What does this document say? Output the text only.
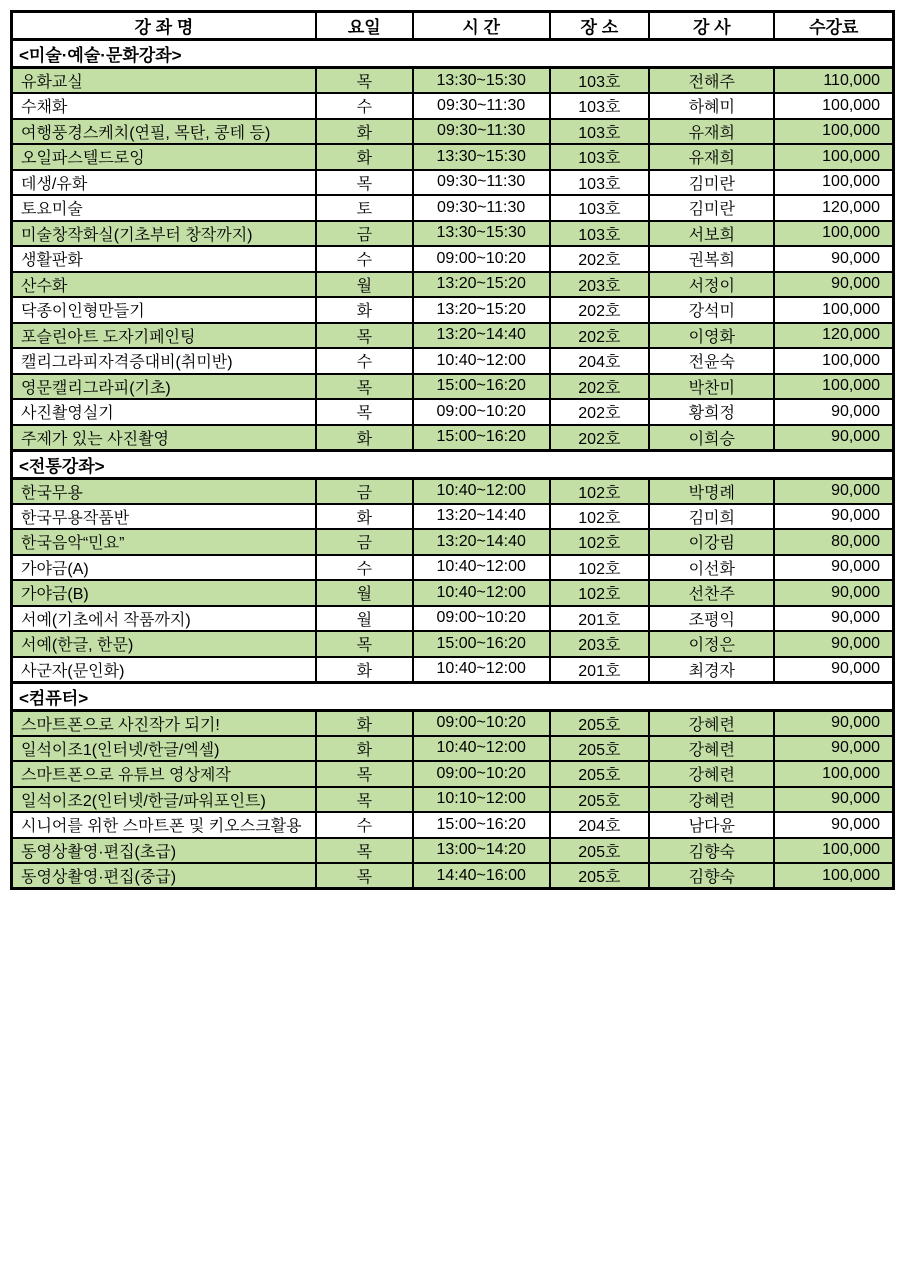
강 좌 명	요일	시 간	장 소	강 사	수강료
<미술·예술·문화강좌>					
유화교실	목	13:30~15:30	103호	전해주	110,000
수채화	수	09:30~11:30	103호	하혜미	100,000
여행풍경스케치(연필, 목탄, 콩테 등)	화	09:30~11:30	103호	유재희	100,000
오일파스텔드로잉	화	13:30~15:30	103호	유재희	100,000
데생/유화	목	09:30~11:30	103호	김미란	100,000
토요미술	토	09:30~11:30	103호	김미란	120,000
미술창작화실(기초부터 창작까지)	금	13:30~15:30	103호	서보희	100,000
생활판화	수	09:00~10:20	202호	권복희	90,000
산수화	월	13:20~15:20	203호	서정이	90,000
닥종이인형만들기	화	13:20~15:20	202호	강석미	100,000
포슬린아트 도자기페인팅	목	13:20~14:40	202호	이영화	120,000
캘리그라피자격증대비(취미반)	수	10:40~12:00	204호	전윤숙	100,000
영문캘리그라피(기초)	목	15:00~16:20	202호	박찬미	100,000
사진촬영실기	목	09:00~10:20	202호	황희정	90,000
주제가 있는 사진촬영	화	15:00~16:20	202호	이희승	90,000
<전통강좌>					
한국무용	금	10:40~12:00	102호	박명례	90,000
한국무용작품반	화	13:20~14:40	102호	김미희	90,000
한국음악“민요”	금	13:20~14:40	102호	이강림	80,000
가야금(A)	수	10:40~12:00	102호	이선화	90,000
가야금(B)	월	10:40~12:00	102호	선찬주	90,000
서예(기초에서 작품까지)	월	09:00~10:20	201호	조평익	90,000
서예(한글, 한문)	목	15:00~16:20	203호	이정은	90,000
사군자(문인화)	화	10:40~12:00	201호	최경자	90,000
<컴퓨터>					
스마트폰으로 사진작가 되기!	화	09:00~10:20	205호	강혜련	90,000
일석이조1(인터넷/한글/엑셀)	화	10:40~12:00	205호	강혜련	90,000
스마트폰으로 유튜브 영상제작	목	09:00~10:20	205호	강혜련	100,000
일석이조2(인터넷/한글/파워포인트)	목	10:10~12:00	205호	강혜련	90,000
시니어를 위한 스마트폰 및 키오스크활용	수	15:00~16:20	204호	남다윤	90,000
동영상촬영·편집(초급)	목	13:00~14:20	205호	김향숙	100,000
동영상촬영·편집(중급)	목	14:40~16:00	205호	김향숙	100,000
